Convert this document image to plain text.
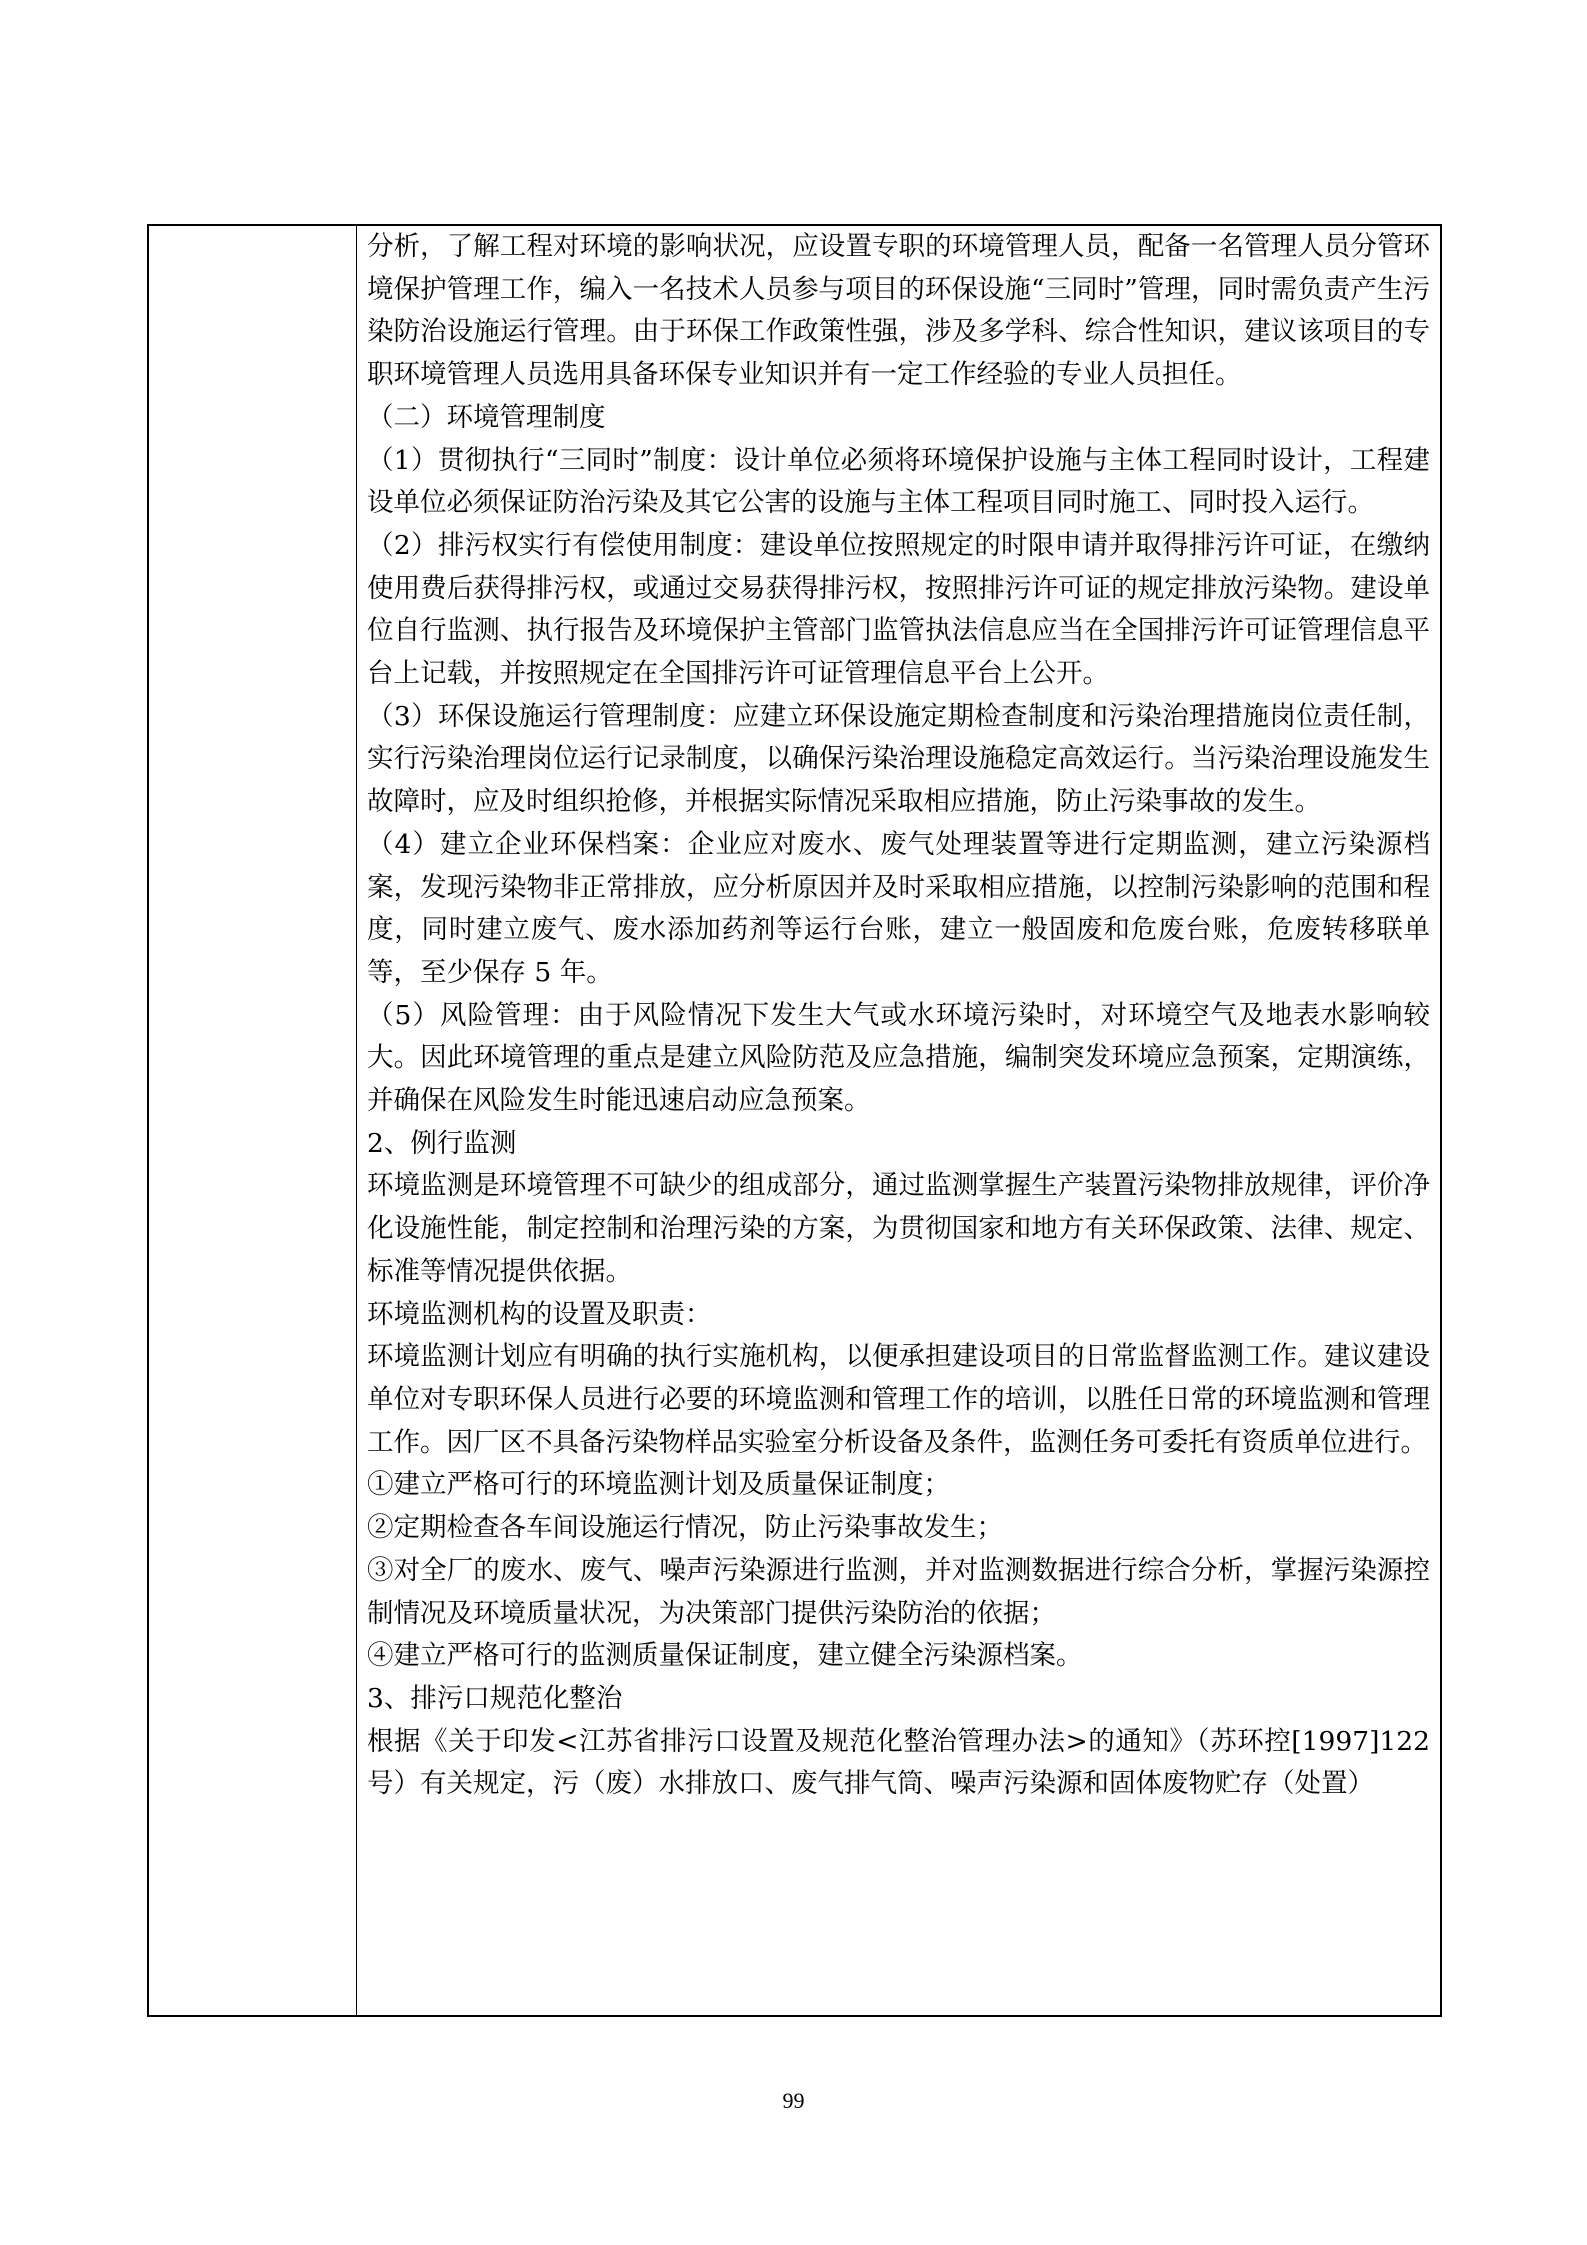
分析，了解工程对环境的影响状况，应设置专职的环境管理人员，配备一名管理人员分管环境保护管理工作，编入一名技术人员参与项目的环保设施“三同时”管理，同时需负责产生污染防治设施运行管理。由于环保工作政策性强，涉及多学科、综合性知识，建议该项目的专职环境管理人员选用具备环保专业知识并有一定工作经验的专业人员担任。

（二）环境管理制度

（1）贯彻执行“三同时”制度：设计单位必须将环境保护设施与主体工程同时设计，工程建设单位必须保证防治污染及其它公害的设施与主体工程项目同时施工、同时投入运行。

（2）排污权实行有偿使用制度：建设单位按照规定的时限申请并取得排污许可证，在缴纳使用费后获得排污权，或通过交易获得排污权，按照排污许可证的规定排放污染物。建设单位自行监测、执行报告及环境保护主管部门监管执法信息应当在全国排污许可证管理信息平台上记载，并按照规定在全国排污许可证管理信息平台上公开。

（3）环保设施运行管理制度：应建立环保设施定期检查制度和污染治理措施岗位责任制，实行污染治理岗位运行记录制度，以确保污染治理设施稳定高效运行。当污染治理设施发生故障时，应及时组织抢修，并根据实际情况采取相应措施，防止污染事故的发生。

（4）建立企业环保档案：企业应对废水、废气处理装置等进行定期监测，建立污染源档案，发现污染物非正常排放，应分析原因并及时采取相应措施，以控制污染影响的范围和程度，同时建立废气、废水添加药剂等运行台账，建立一般固废和危废台账，危废转移联单等，至少保存 5 年。

（5）风险管理：由于风险情况下发生大气或水环境污染时，对环境空气及地表水影响较大。因此环境管理的重点是建立风险防范及应急措施，编制突发环境应急预案，定期演练，并确保在风险发生时能迅速启动应急预案。

2、例行监测

环境监测是环境管理不可缺少的组成部分，通过监测掌握生产装置污染物排放规律，评价净化设施性能，制定控制和治理污染的方案，为贯彻国家和地方有关环保政策、法律、规定、标准等情况提供依据。

环境监测机构的设置及职责：

环境监测计划应有明确的执行实施机构，以便承担建设项目的日常监督监测工作。建议建设单位对专职环保人员进行必要的环境监测和管理工作的培训，以胜任日常的环境监测和管理工作。因厂区不具备污染物样品实验室分析设备及条件，监测任务可委托有资质单位进行。

①建立严格可行的环境监测计划及质量保证制度；

②定期检查各车间设施运行情况，防止污染事故发生；

③对全厂的废水、废气、噪声污染源进行监测，并对监测数据进行综合分析，掌握污染源控制情况及环境质量状况，为决策部门提供污染防治的依据；

④建立严格可行的监测质量保证制度，建立健全污染源档案。

3、排污口规范化整治

根据《关于印发<江苏省排污口设置及规范化整治管理办法>的通知》（苏环控[1997]122号）有关规定，污（废）水排放口、废气排气筒、噪声污染源和固体废物贮存（处置）

99
